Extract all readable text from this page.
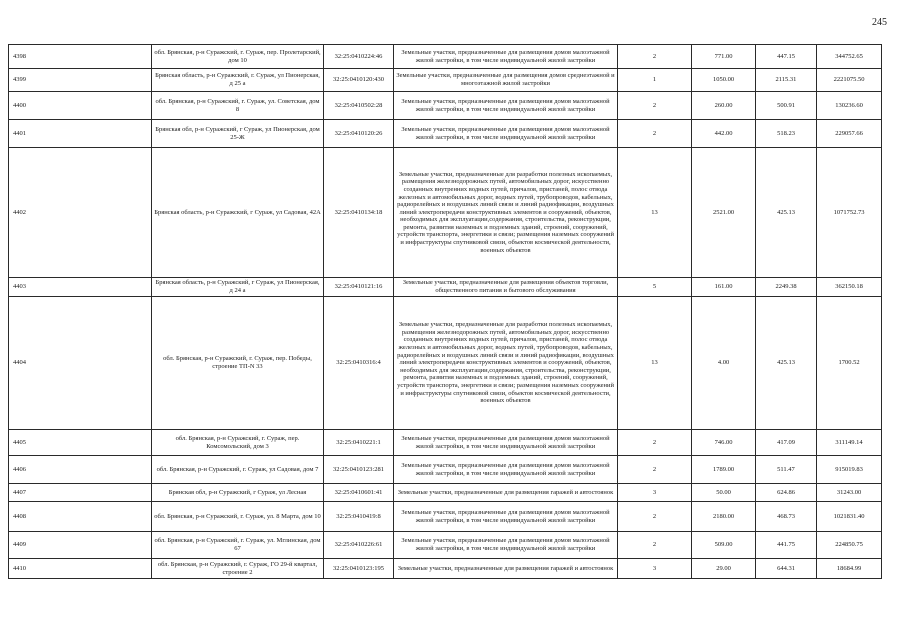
245
4398	обл. Брянская, р-н Суражский, г. Сураж, пер. Пролетарский, дом 10	32:25:0410224:46	Земельные участки, предназначенные для размещения домов малоэтажной жилой застройки, в том числе индивидуальной жилой застройки	2	771.00	447.15	344752.65
4399	Брянская область, р-н Суражский, г. Сураж, ул Пионерская, д 25 а	32:25:0410120:430	Земельные участки, предназначенные для размещения домов среднеэтажной и многоэтажной жилой застройки	1	1050.00	2115.31	2221075.50
4400	обл. Брянская, р-н Суражский, г. Сураж, ул. Советская, дом 8	32:25:0410502:28	Земельные участки, предназначенные для размещения домов малоэтажной жилой застройки, в том числе индивидуальной жилой застройки	2	260.00	500.91	130236.60
4401	Брянская обл, р-н Суражский, г Сураж, ул Пионерская, дом 25-Ж	32:25:0410120:26	Земельные участки, предназначенные для размещения домов малоэтажной жилой застройки, в том числе индивидуальной жилой застройки	2	442.00	518.23	229057.66
4402	Брянская область, р-н Суражский, г Сураж, ул Садовая, 42А	32:25:0410134:18	Земельные участки, предназначенные для разработки полезных ископаемых, размещения железнодорожных путей, автомобильных дорог, искусственно созданных внутренних водных путей, причалов, пристаней, полос отвода железных и автомобильных дорог, водных путей, трубопроводов, кабельных, радиорелейных и воздушных линий связи и линий радиофикации, воздушных линий электропередачи конструктивных элементов и сооружений, объектов, необходимых для эксплуатации,содержания, строительства, реконструкции, ремонта, развития наземных и подземных зданий, строений, сооружений, устройств транспорта, энергетики и связи; размещения наземных сооружений и инфраструктуры спутниковой связи, объектов космической деятельности, военных объектов	13	2521.00	425.13	1071752.73
4403	Брянская область, р-н Суражский, г Сураж, ул Пионерская, д 24 а	32:25:0410121:16	Земельные участки, предназначенные для размещения объектов торговли, общественного питания и бытового обслуживания	5	161.00	2249.38	362150.18
4404	обл. Брянская, р-н Суражский, г. Сураж, пер. Победы, строение ТП-N 33	32:25:0410316:4	Земельные участки, предназначенные для разработки полезных ископаемых, размещения железнодорожных путей, автомобильных дорог, искусственно созданных внутренних водных путей, причалов, пристаней, полос отвода железных и автомобильных дорог, водных путей, трубопроводов, кабельных, радиорелейных и воздушных линий связи и линий радиофикации, воздушных линий электропередачи конструктивных элементов и сооружений, объектов, необходимых для эксплуатации,содержания, строительства, реконструкции, ремонта, развития наземных и подземных зданий, строений, сооружений, устройств транспорта, энергетики и связи; размещения наземных сооружений и инфраструктуры спутниковой связи, объектов космической деятельности, военных объектов	13	4.00	425.13	1700.52
4405	обл. Брянская, р-н Суражский, г. Сураж, пер. Комсомольский, дом 3	32:25:0410221:1	Земельные участки, предназначенные для размещения домов малоэтажной жилой застройки, в том числе индивидуальной жилой застройки	2	746.00	417.09	311149.14
4406	обл. Брянская, р-н Суражский, г. Сураж, ул Садовая, дом 7	32:25:0410123:281	Земельные участки, предназначенные для размещения домов малоэтажной жилой застройки, в том числе индивидуальной жилой застройки	2	1789.00	511.47	915019.83
4407	Брянская обл, р-н Суражский, г Сураж, ул Лесная	32:25:0410601:41	Земельные участки, предназначенные для размещения гаражей и автостоянок	3	50.00	624.86	31243.00
4408	обл. Брянская, р-н Суражский, г. Сураж, ул. 8 Марта, дом 10	32:25:0410419:8	Земельные участки, предназначенные для размещения домов малоэтажной жилой застройки, в том числе индивидуальной жилой застройки	2	2180.00	468.73	1021831.40
4409	обл. Брянская, р-н Суражский, г. Сураж, ул. Мглинская, дом 67	32:25:0410226:61	Земельные участки, предназначенные для размещения домов малоэтажной жилой застройки, в том числе индивидуальной жилой застройки	2	509.00	441.75	224850.75
4410	обл. Брянская, р-н Суражский, г. Сураж, ГО 29-й квартал, строение 2	32:25:0410123:195	Земельные участки, предназначенные для размещения гаражей и автостоянок	3	29.00	644.31	18684.99
